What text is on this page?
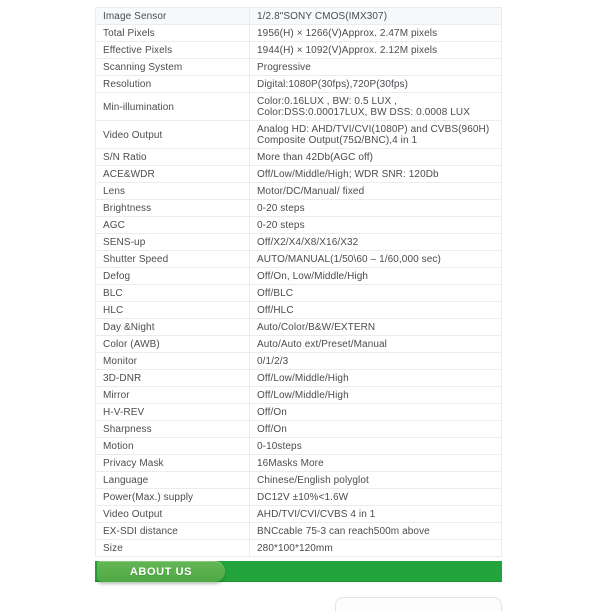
Image Sensor	1/2.8"SONY CMOS(IMX307)
Total Pixels	1956(H) × 1266(V)Approx. 2.47M pixels
Effective Pixels	1944(H) × 1092(V)Approx. 2.12M pixels
Scanning System	Progressive
Resolution	Digital:1080P(30fps),720P(30fps)
Min-illumination	Color:0.16LUX , BW: 0.5 LUX ,
Color:DSS:0.00017LUX, BW DSS: 0.0008 LUX
Video Output	Analog HD: AHD/TVI/CVI(1080P) and CVBS(960H)
Composite Output(75Ω/BNC),4 in 1
S/N Ratio	More than 42Db(AGC off)
ACE&WDR	Off/Low/Middle/High; WDR SNR: 120Db
Lens	Motor/DC/Manual/ fixed
Brightness	0-20 steps
AGC	0-20 steps
SENS-up	Off/X2/X4/X8/X16/X32
Shutter Speed	AUTO/MANUAL(1/50\60 – 1/60,000 sec)
Defog	Off/On, Low/Middle/High
BLC	Off/BLC
HLC	Off/HLC
Day &Night	Auto/Color/B&W/EXTERN
Color (AWB)	Auto/Auto ext/Preset/Manual
Monitor	0/1/2/3
3D-DNR	Off/Low/Middle/High
Mirror	Off/Low/Middle/High
H-V-REV	Off/On
Sharpness	Off/On
Motion	0-10steps
Privacy Mask	16Masks More
Language	Chinese/English polyglot
Power(Max.) supply	DC12V ±10%<1.6W
Video Output	AHD/TVI/CVI/CVBS 4 in 1
EX-SDI distance	BNCcable 75-3 can reach500m above
Size	280*100*120mm
ABOUT US
